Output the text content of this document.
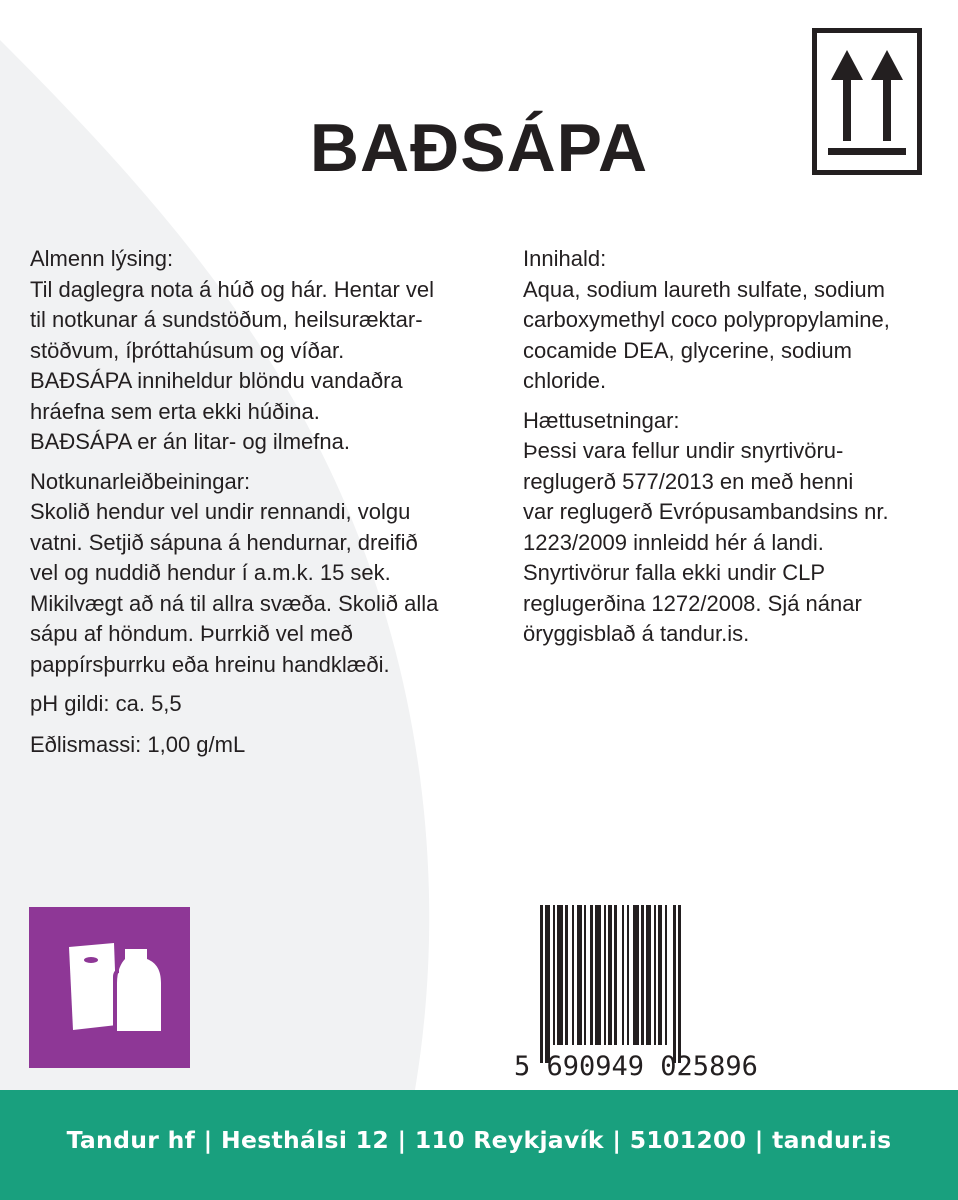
BAÐSÁPA
Almenn lýsing:
Til daglegra nota á húð og hár. Hentar vel
til notkunar á sundstöðum, heilsuræktar-
stöðvum, íþróttahúsum og víðar.
BAÐSÁPA inniheldur blöndu vandaðra
hráefna sem erta ekki húðina.
BAÐSÁPA er án litar- og ilmefna.
Notkunarleiðbeiningar:
Skolið hendur vel undir rennandi, volgu
vatni. Setjið sápuna á hendurnar, dreifið
vel og nuddið hendur í a.m.k. 15 sek.
Mikilvægt að ná til allra svæða. Skolið alla
sápu af höndum. Þurrkið vel með
pappírsþurrku eða hreinu handklæði.
pH gildi: ca. 5,5
Eðlismassi: 1,00 g/mL
Innihald:
Aqua, sodium laureth sulfate, sodium
carboxymethyl coco polypropylamine,
cocamide DEA, glycerine, sodium
chloride.
Hættusetningar:
Þessi vara fellur undir snyrtivöru-
reglugerð 577/2013 en með henni
var reglugerð Evrópusambandsins nr.
1223/2009 innleidd hér á landi.
Snyrtivörur falla ekki undir CLP
reglugerðina 1272/2008. Sjá nánar
öryggisblað á tandur.is.
5 690949 025896
Tandur hf | Hesthálsi 12 | 110 Reykjavík | 5101200 | tandur.is
